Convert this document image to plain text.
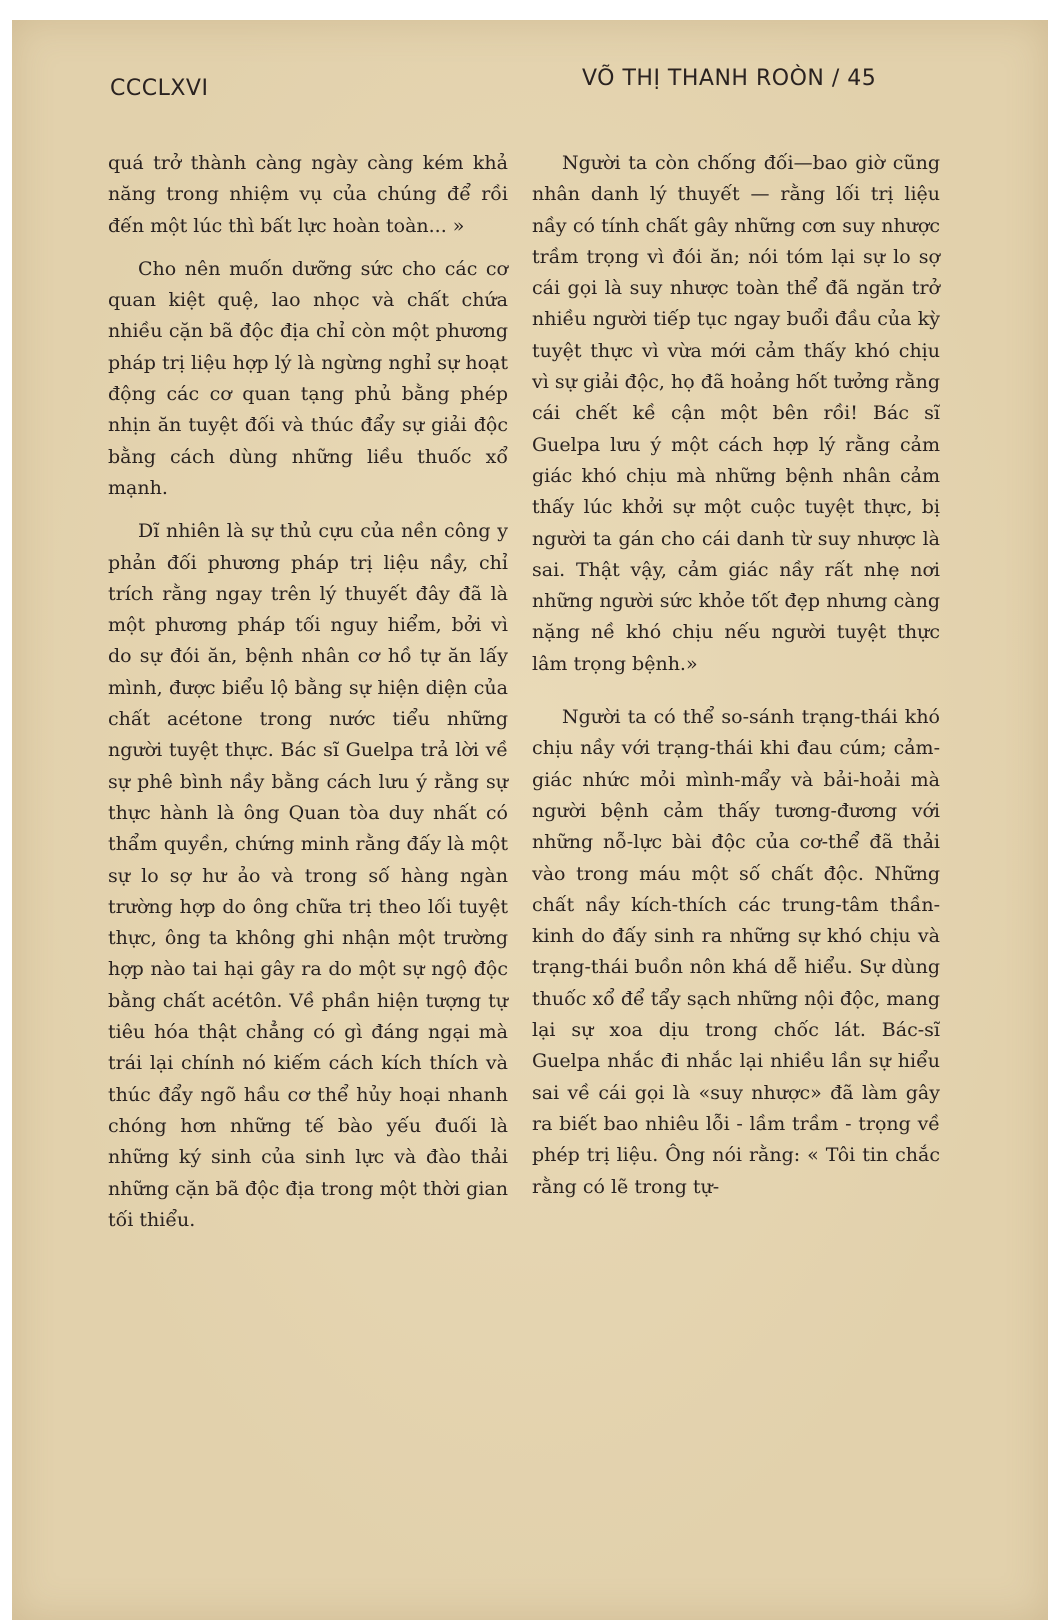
CCCLXVI	VÕ THỊ THANH ROÒN / 45

quá trở thành càng ngày càng kém khả năng trong nhiệm vụ của chúng để rồi đến một lúc thì bất lực hoàn toàn... »

Cho nên muốn dưỡng sức cho các cơ quan kiệt quệ, lao nhọc và chất chứa nhiều cặn bã độc địa chỉ còn một phương pháp trị liệu hợp lý là ngừng nghỉ sự hoạt động các cơ quan tạng phủ bằng phép nhịn ăn tuyệt đối và thúc đẩy sự giải độc bằng cách dùng những liều thuốc xổ mạnh.

Dĩ nhiên là sự thủ cựu của nền công y phản đối phương pháp trị liệu nầy, chỉ trích rằng ngay trên lý thuyết đây đã là một phương pháp tối nguy hiểm, bởi vì do sự đói ăn, bệnh nhân cơ hồ tự ăn lấy mình, được biểu lộ bằng sự hiện diện của chất acétone trong nước tiểu những người tuyệt thực. Bác sĩ Guelpa trả lời về sự phê bình nầy bằng cách lưu ý rằng sự thực hành là ông Quan tòa duy nhất có thẩm quyền, chứng minh rằng đấy là một sự lo sợ hư ảo và trong số hàng ngàn trường hợp do ông chữa trị theo lối tuyệt thực, ông ta không ghi nhận một trường hợp nào tai hại gây ra do một sự ngộ độc bằng chất acétôn. Về phần hiện tượng tự tiêu hóa thật chẳng có gì đáng ngại mà trái lại chính nó kiếm cách kích thích và thúc đẩy ngõ hầu cơ thể hủy hoại nhanh chóng hơn những tế bào yếu đuối là những ký sinh của sinh lực và đào thải những cặn bã độc địa trong một thời gian tối thiểu.

Người ta còn chống đối—bao giờ cũng nhân danh lý thuyết — rằng lối trị liệu nầy có tính chất gây những cơn suy nhược trầm trọng vì đói ăn; nói tóm lại sự lo sợ cái gọi là suy nhược toàn thể đã ngăn trở nhiều người tiếp tục ngay buổi đầu của kỳ tuyệt thực vì vừa mới cảm thấy khó chịu vì sự giải độc, họ đã hoảng hốt tưởng rằng cái chết kề cận một bên rồi! Bác sĩ Guelpa lưu ý một cách hợp lý rằng cảm giác khó chịu mà những bệnh nhân cảm thấy lúc khởi sự một cuộc tuyệt thực, bị người ta gán cho cái danh từ suy nhược là sai. Thật vậy, cảm giác nầy rất nhẹ nơi những người sức khỏe tốt đẹp nhưng càng nặng nề khó chịu nếu người tuyệt thực lâm trọng bệnh.»

Người ta có thể so-sánh trạng-thái khó chịu nầy với trạng-thái khi đau cúm; cảm-giác nhức mỏi mình-mẩy và bải-hoải mà người bệnh cảm thấy tương-đương với những nỗ-lực bài độc của cơ-thể đã thải vào trong máu một số chất độc. Những chất nầy kích-thích các trung-tâm thần-kinh do đấy sinh ra những sự khó chịu và trạng-thái buồn nôn khá dễ hiểu. Sự dùng thuốc xổ để tẩy sạch những nội độc, mang lại sự xoa dịu trong chốc lát. Bác-sĩ Guelpa nhắc đi nhắc lại nhiều lần sự hiểu sai về cái gọi là «suy nhược» đã làm gây ra biết bao nhiêu lỗi - lầm trầm - trọng về phép trị liệu. Ông nói rằng: « Tôi tin chắc rằng có lẽ trong tự-
